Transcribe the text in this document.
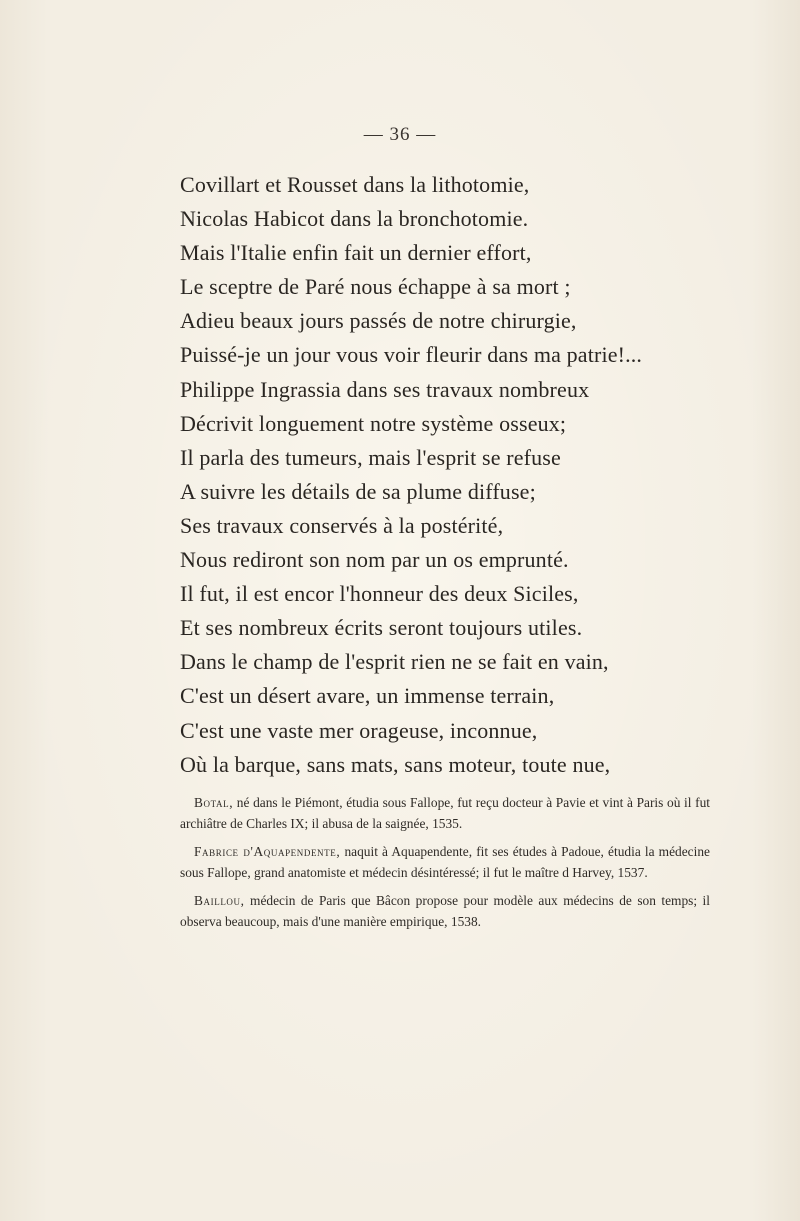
— 36 —
Covillart et Rousset dans la lithotomie,
Nicolas Habicot dans la bronchotomie.
Mais l'Italie enfin fait un dernier effort,
Le sceptre de Paré nous échappe à sa mort ;
Adieu beaux jours passés de notre chirurgie,
Puissé-je un jour vous voir fleurir dans ma patrie!...
Philippe Ingrassia dans ses travaux nombreux
Décrivit longuement notre système osseux;
Il parla des tumeurs, mais l'esprit se refuse
A suivre les détails de sa plume diffuse;
Ses travaux conservés à la postérité,
Nous rediront son nom par un os emprunté.
Il fut, il est encor l'honneur des deux Siciles,
Et ses nombreux écrits seront toujours utiles.
Dans le champ de l'esprit rien ne se fait en vain,
C'est un désert avare, un immense terrain,
C'est une vaste mer orageuse, inconnue,
Où la barque, sans mats, sans moteur, toute nue,

Botal, né dans le Piémont, étudia sous Fallope, fut reçu docteur à Pavie et vint à Paris où il fut archiâtre de Charles IX; il abusa de la saignée, 1535.

Fabrice d'Aquapendente, naquit à Aquapendente, fit ses études à Padoue, étudia la médecine sous Fallope, grand anatomiste et médecin désintéressé; il fut le maître d Harvey, 1537.

Baillou, médecin de Paris que Bâcon propose pour modèle aux médecins de son temps; il observa beaucoup, mais d'une manière empirique, 1538.
